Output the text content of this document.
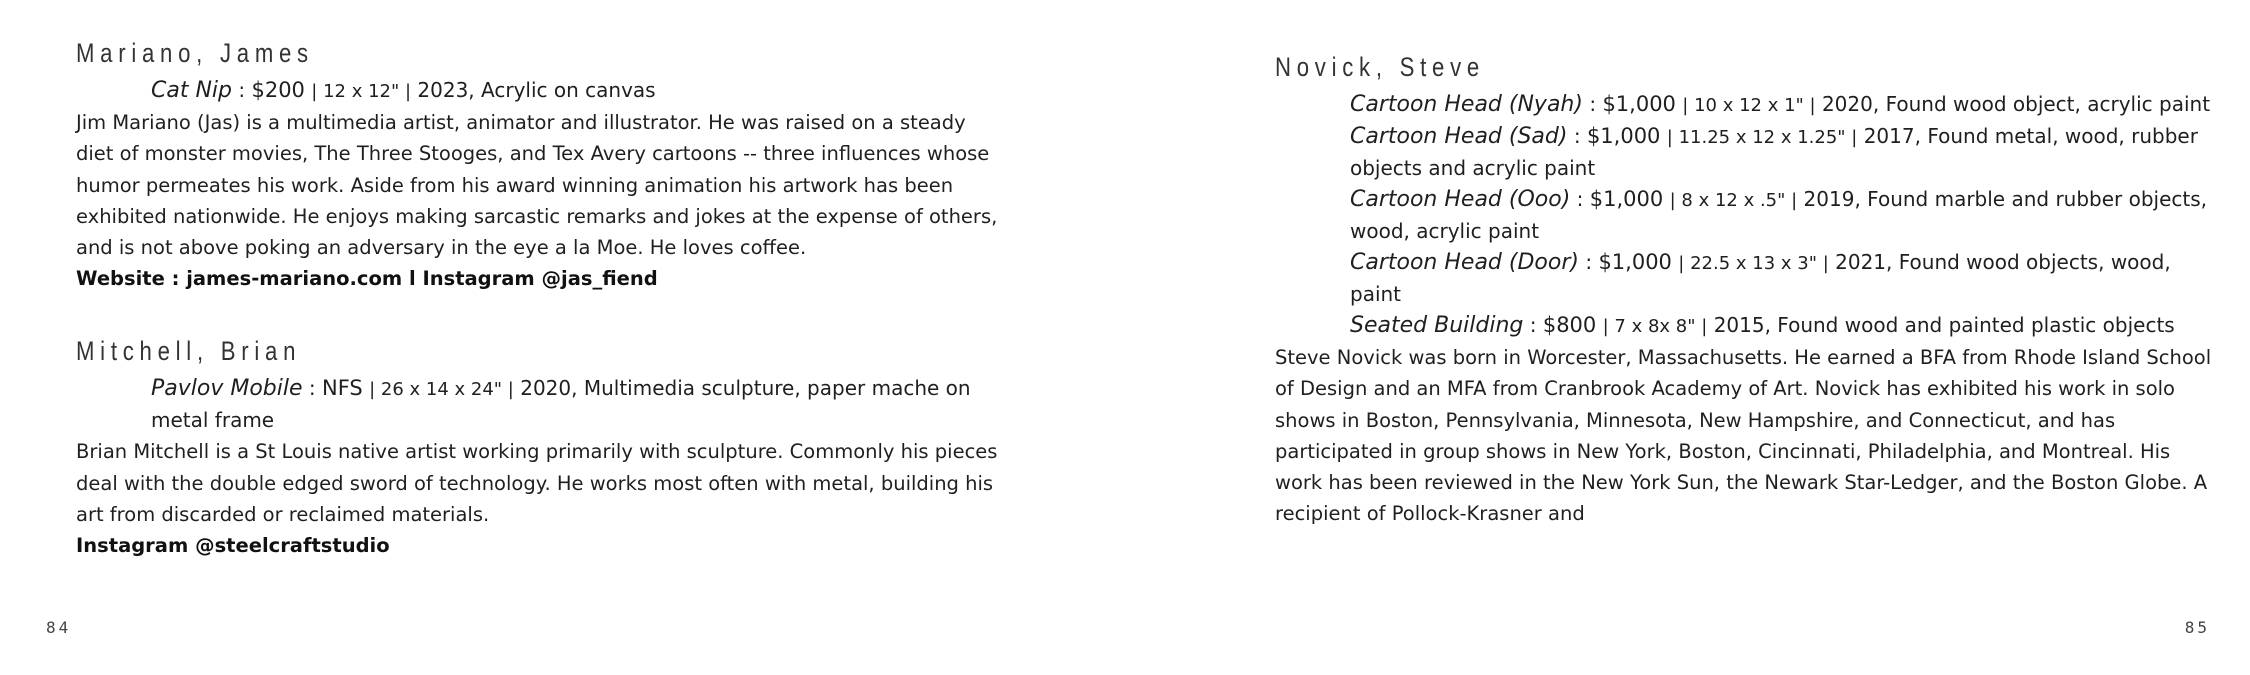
Mariano, James
Cat Nip : $200 | 12 x 12" | 2023, Acrylic on canvas

Jim Mariano (Jas) is a multimedia artist, animator and illustrator. He was raised on a steady diet of monster movies, The Three Stooges, and Tex Avery cartoons -- three influences whose humor permeates his work. Aside from his award winning animation his artwork has been exhibited nationwide. He enjoys making sarcastic remarks and jokes at the expense of others, and is not above poking an adversary in the eye a la Moe. He loves coffee.

Website : james-mariano.com l Instagram @jas_fiend
Mitchell, Brian
Pavlov Mobile : NFS | 26 x 14 x 24" | 2020, Multimedia sculpture, paper mache on metal frame

Brian Mitchell is a St Louis native artist working primarily with sculpture. Commonly his pieces deal with the double edged sword of technology. He works most often with metal, building his art from discarded or reclaimed materials.

Instagram @steelcraftstudio
84
Novick, Steve
Cartoon Head (Nyah) : $1,000 | 10 x 12 x 1" | 2020, Found wood object, acrylic paint
Cartoon Head (Sad) : $1,000 | 11.25 x 12 x 1.25" | 2017, Found metal, wood, rubber objects and acrylic paint
Cartoon Head (Ooo) : $1,000 | 8 x 12 x .5" | 2019, Found marble and rubber objects, wood, acrylic paint
Cartoon Head (Door) : $1,000 | 22.5 x 13 x 3" | 2021, Found wood objects, wood, paint
Seated Building : $800 | 7 x 8x 8" | 2015, Found wood and painted plastic objects

Steve Novick was born in Worcester, Massachusetts. He earned a BFA from Rhode Island School of Design and an MFA from Cranbrook Academy of Art. Novick has exhibited his work in solo shows in Boston, Pennsylvania, Minnesota, New Hampshire, and Connecticut, and has participated in group shows in New York, Boston, Cincinnati, Philadelphia, and Montreal. His work has been reviewed in the New York Sun, the Newark Star-Ledger, and the Boston Globe. A recipient of Pollock-Krasner and

85
